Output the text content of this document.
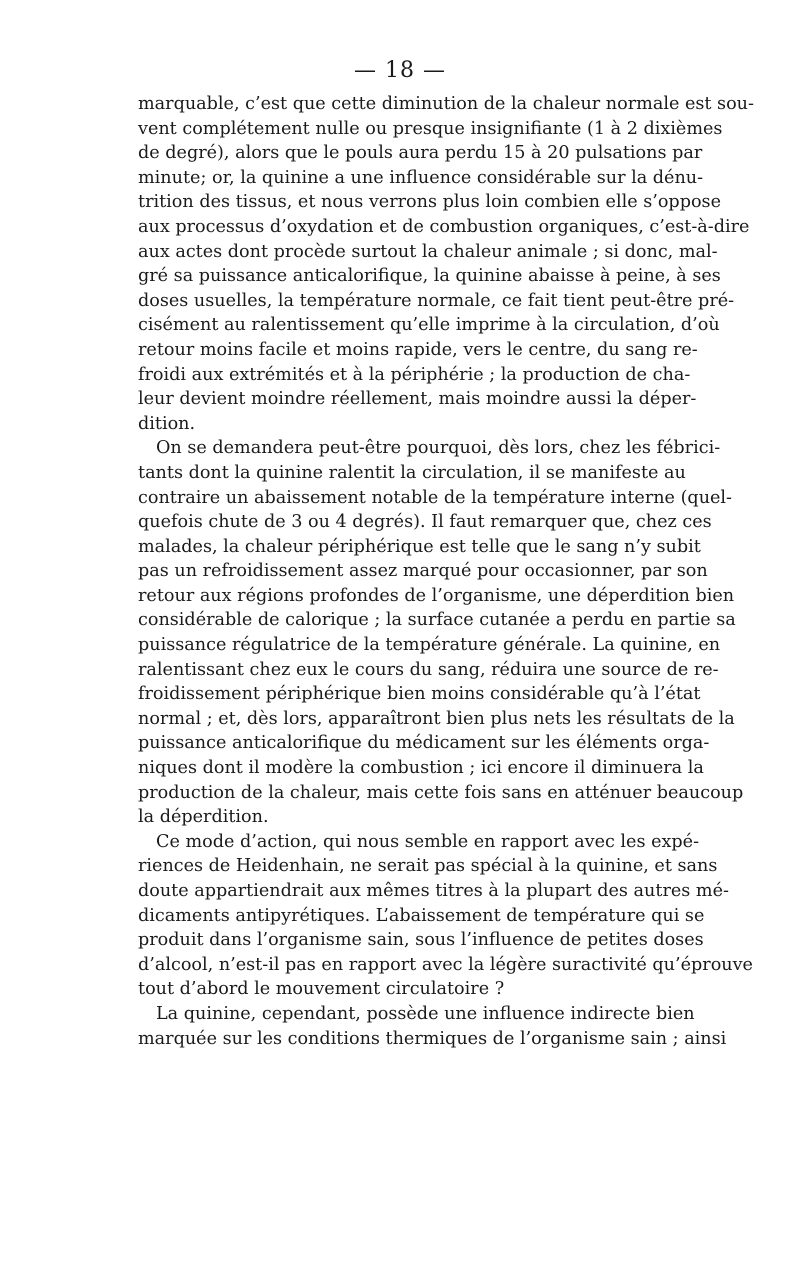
— 18 —
marquable, c’est que cette diminution de la chaleur normale est sou-
vent complétement nulle ou presque insignifiante (1 à 2 dixièmes
de degré), alors que le pouls aura perdu 15 à 20 pulsations par
minute; or, la quinine a une influence considérable sur la dénu-
trition des tissus, et nous verrons plus loin combien elle s’oppose
aux processus d’oxydation et de combustion organiques, c’est-à-dire
aux actes dont procède surtout la chaleur animale ; si donc, mal-
gré sa puissance anticalorifique, la quinine abaisse à peine, à ses
doses usuelles, la température normale, ce fait tient peut-être pré-
cisément au ralentissement qu’elle imprime à la circulation, d’où
retour moins facile et moins rapide, vers le centre, du sang re-
froidi aux extrémités et à la périphérie ; la production de cha-
leur devient moindre réellement, mais moindre aussi la déper-
dition.
On se demandera peut-être pourquoi, dès lors, chez les fébrici-
tants dont la quinine ralentit la circulation, il se manifeste au
contraire un abaissement notable de la température interne (quel-
quefois chute de 3 ou 4 degrés). Il faut remarquer que, chez ces
malades, la chaleur périphérique est telle que le sang n’y subit
pas un refroidissement assez marqué pour occasionner, par son
retour aux régions profondes de l’organisme, une déperdition bien
considérable de calorique ; la surface cutanée a perdu en partie sa
puissance régulatrice de la température générale. La quinine, en
ralentissant chez eux le cours du sang, réduira une source de re-
froidissement périphérique bien moins considérable qu’à l’état
normal ; et, dès lors, apparaîtront bien plus nets les résultats de la
puissance anticalorifique du médicament sur les éléments orga-
niques dont il modère la combustion ; ici encore il diminuera la
production de la chaleur, mais cette fois sans en atténuer beaucoup
la déperdition.
Ce mode d’action, qui nous semble en rapport avec les expé-
riences de Heidenhain, ne serait pas spécial à la quinine, et sans
doute appartiendrait aux mêmes titres à la plupart des autres mé-
dicaments antipyrétiques. L’abaissement de température qui se
produit dans l’organisme sain, sous l’influence de petites doses
d’alcool, n’est-il pas en rapport avec la légère suractivité qu’éprouve
tout d’abord le mouvement circulatoire ?
La quinine, cependant, possède une influence indirecte bien
marquée sur les conditions thermiques de l’organisme sain ; ainsi
